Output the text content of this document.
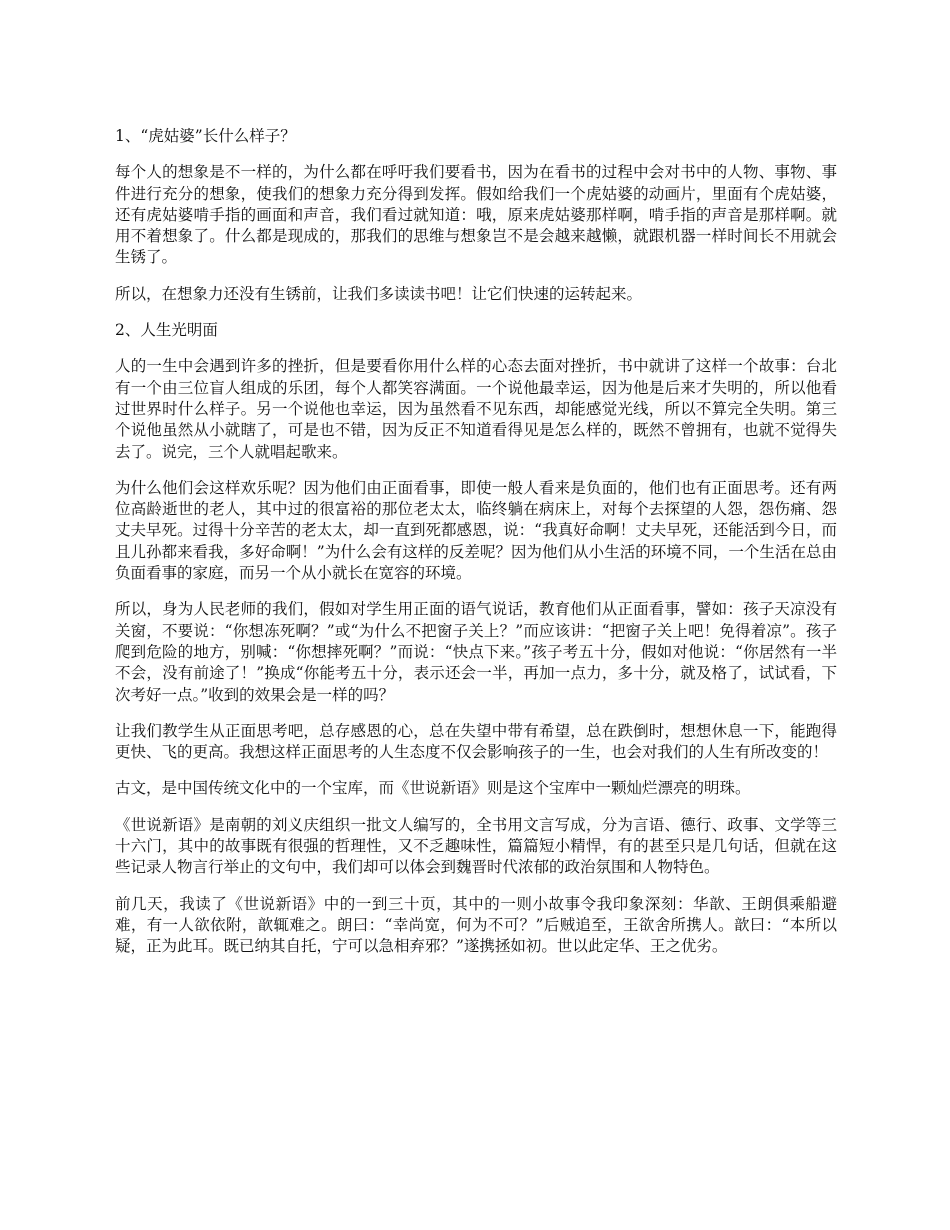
1、“虎姑婆”长什么样子？

每个人的想象是不一样的，为什么都在呼吁我们要看书，因为在看书的过程中会对书中的人物、事物、事件进行充分的想象，使我们的想象力充分得到发挥。假如给我们一个虎姑婆的动画片，里面有个虎姑婆，还有虎姑婆啃手指的画面和声音，我们看过就知道：哦，原来虎姑婆那样啊，啃手指的声音是那样啊。就用不着想象了。什么都是现成的，那我们的思维与想象岂不是会越来越懒，就跟机器一样时间长不用就会生锈了。

所以，在想象力还没有生锈前，让我们多读读书吧！让它们快速的运转起来。

2、人生光明面

人的一生中会遇到许多的挫折，但是要看你用什么样的心态去面对挫折，书中就讲了这样一个故事：台北有一个由三位盲人组成的乐团，每个人都笑容满面。一个说他最幸运，因为他是后来才失明的，所以他看过世界时什么样子。另一个说他也幸运，因为虽然看不见东西，却能感觉光线，所以不算完全失明。第三个说他虽然从小就瞎了，可是也不错，因为反正不知道看得见是怎么样的，既然不曾拥有，也就不觉得失去了。说完，三个人就唱起歌来。

为什么他们会这样欢乐呢？因为他们由正面看事，即使一般人看来是负面的，他们也有正面思考。还有两位高龄逝世的老人，其中过的很富裕的那位老太太，临终躺在病床上，对每个去探望的人怨，怨伤痛、怨丈夫早死。过得十分辛苦的老太太，却一直到死都感恩，说：“我真好命啊！丈夫早死，还能活到今日，而且儿孙都来看我，多好命啊！”为什么会有这样的反差呢？因为他们从小生活的环境不同，一个生活在总由负面看事的家庭，而另一个从小就长在宽容的环境。

所以，身为人民老师的我们，假如对学生用正面的语气说话，教育他们从正面看事，譬如：孩子天凉没有关窗，不要说：“你想冻死啊？”或“为什么不把窗子关上？”而应该讲：“把窗子关上吧！免得着凉”。孩子爬到危险的地方，别喊：“你想摔死啊？”而说：“快点下来。”孩子考五十分，假如对他说：“你居然有一半不会，没有前途了！”换成“你能考五十分，表示还会一半，再加一点力，多十分，就及格了，试试看，下次考好一点。”收到的效果会是一样的吗？

让我们教学生从正面思考吧，总存感恩的心，总在失望中带有希望，总在跌倒时，想想休息一下，能跑得更快、飞的更高。我想这样正面思考的人生态度不仅会影响孩子的一生，也会对我们的人生有所改变的！

古文，是中国传统文化中的一个宝库，而《世说新语》则是这个宝库中一颗灿烂漂亮的明珠。

《世说新语》是南朝的刘义庆组织一批文人编写的，全书用文言写成，分为言语、德行、政事、文学等三十六门，其中的故事既有很强的哲理性，又不乏趣味性，篇篇短小精悍，有的甚至只是几句话，但就在这些记录人物言行举止的文句中，我们却可以体会到魏晋时代浓郁的政治氛围和人物特色。

前几天，我读了《世说新语》中的一到三十页，其中的一则小故事令我印象深刻：华歆、王朗俱乘船避难，有一人欲依附，歆辄难之。朗曰：“幸尚宽，何为不可？”后贼追至，王欲舍所携人。歆曰：“本所以疑，正为此耳。既已纳其自托，宁可以急相弃邪？”遂携拯如初。世以此定华、王之优劣。
